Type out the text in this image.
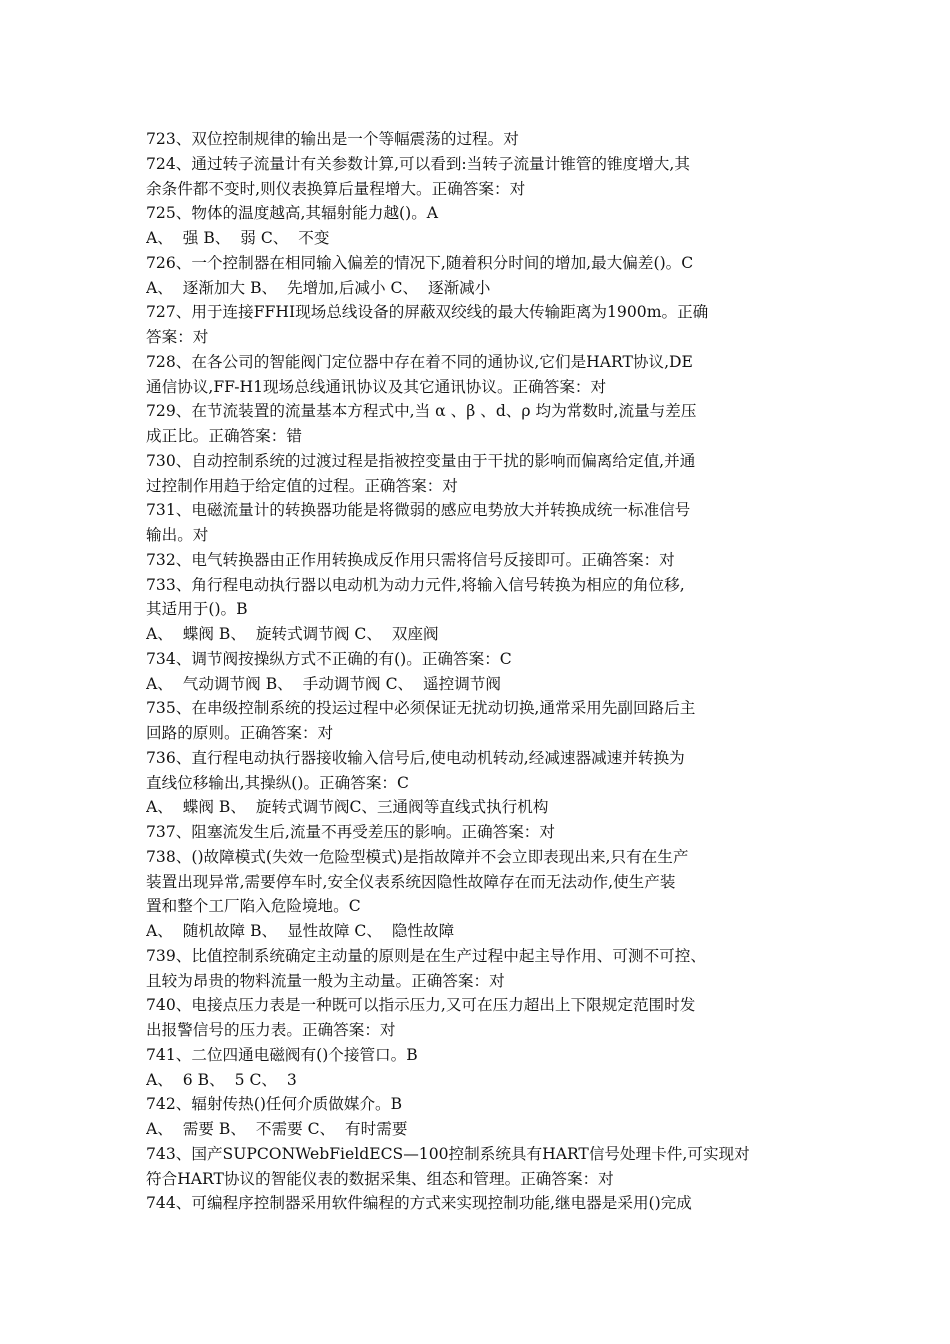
723、双位控制规律的输出是一个等幅震荡的过程。对
724、通过转子流量计有关参数计算,可以看到:当转子流量计锥管的锥度增大,其
余条件都不变时,则仪表换算后量程增大。正确答案：对
725、物体的温度越高,其辐射能力越()。A
A、  强 B、  弱 C、  不变
726、一个控制器在相同输入偏差的情况下,随着积分时间的增加,最大偏差()。C
A、  逐渐加大 B、  先增加,后减小 C、  逐渐减小
727、用于连接FFHI现场总线设备的屏蔽双绞线的最大传输距离为1900m。正确
答案：对
728、在各公司的智能阀门定位器中存在着不同的通协议,它们是HART协议,DE
通信协议,FF-H1现场总线通讯协议及其它通讯协议。正确答案：对
729、在节流装置的流量基本方程式中,当 α 、β 、d、ρ 均为常数时,流量与差压
成正比。正确答案：错
730、自动控制系统的过渡过程是指被控变量由于干扰的影响而偏离给定值,并通
过控制作用趋于给定值的过程。正确答案：对
731、电磁流量计的转换器功能是将微弱的感应电势放大并转换成统一标准信号
输出。对
732、电气转换器由正作用转换成反作用只需将信号反接即可。正确答案：对
733、角行程电动执行器以电动机为动力元件,将输入信号转换为相应的角位移,
其适用于()。B
A、  蝶阀 B、  旋转式调节阀 C、  双座阀
734、调节阀按操纵方式不正确的有()。正确答案：C
A、  气动调节阀 B、  手动调节阀 C、  遥控调节阀
735、在串级控制系统的投运过程中必须保证无扰动切换,通常采用先副回路后主
回路的原则。正确答案：对
736、直行程电动执行器接收输入信号后,使电动机转动,经减速器减速并转换为
直线位移输出,其操纵()。正确答案：C
A、  蝶阀 B、  旋转式调节阀C、三通阀等直线式执行机构
737、阻塞流发生后,流量不再受差压的影响。正确答案：对
738、()故障模式(失效一危险型模式)是指故障并不会立即表现出来,只有在生产
装置出现异常,需要停车时,安全仪表系统因隐性故障存在而无法动作,使生产装
置和整个工厂陷入危险境地。C
A、  随机故障 B、  显性故障 C、  隐性故障
739、比值控制系统确定主动量的原则是在生产过程中起主导作用、可测不可控、
且较为昂贵的物料流量一般为主动量。正确答案：对
740、电接点压力表是一种既可以指示压力,又可在压力超出上下限规定范围时发
出报警信号的压力表。正确答案：对
741、二位四通电磁阀有()个接管口。B
A、  6 B、  5 C、  3
742、辐射传热()任何介质做媒介。B
A、  需要 B、  不需要 C、  有时需要
743、国产SUPCONWebFieldECS—100控制系统具有HART信号处理卡件,可实现对
符合HART协议的智能仪表的数据采集、组态和管理。正确答案：对
744、可编程序控制器采用软件编程的方式来实现控制功能,继电器是采用()完成
